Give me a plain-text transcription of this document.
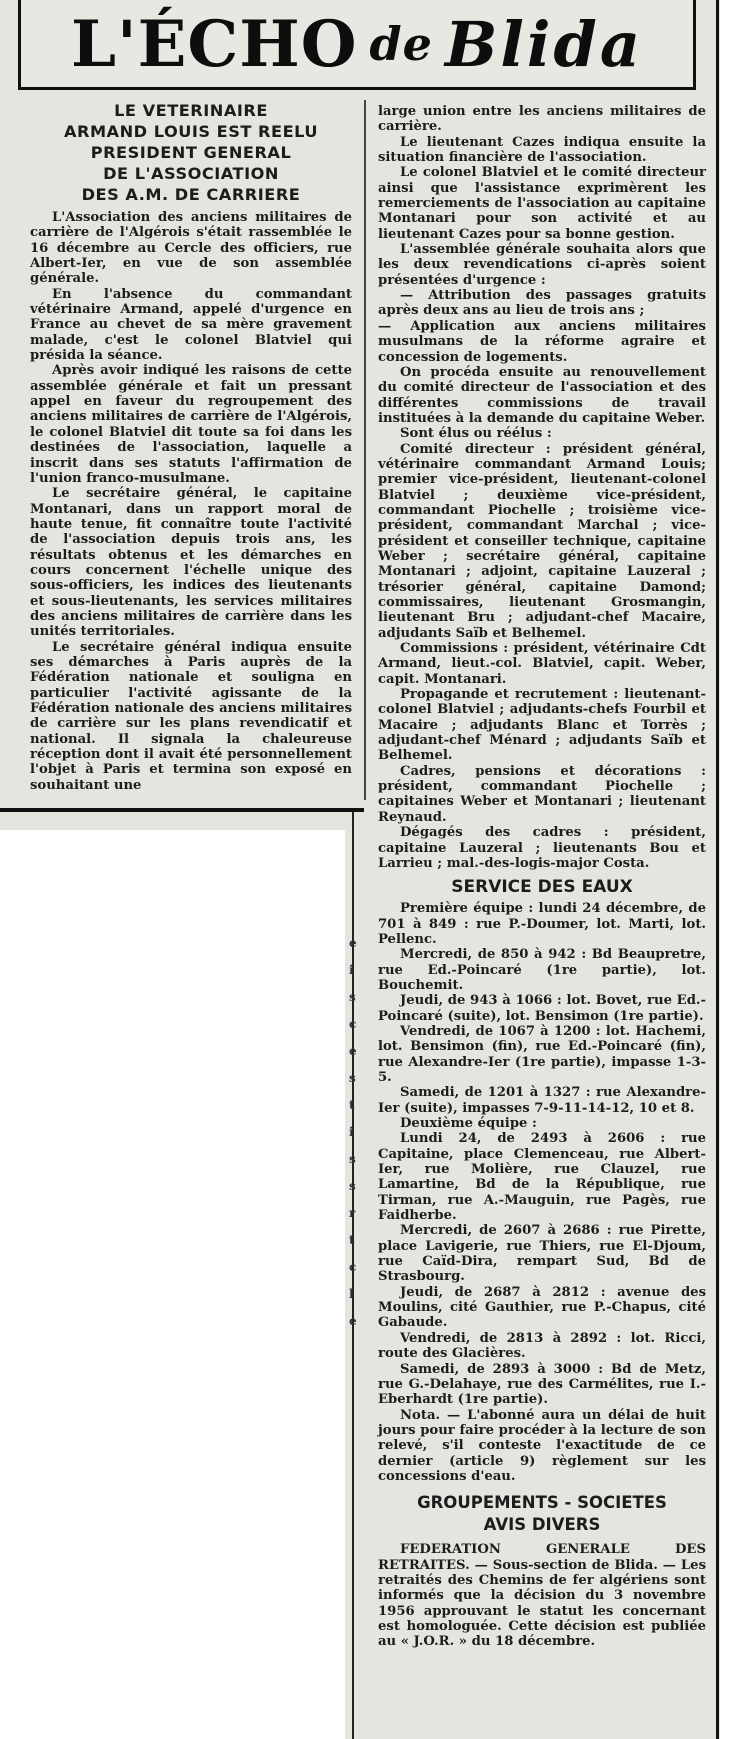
L'ÉCHO de Blida
e
i
s
c
e
s
t
i
s
s
r
t
c
l
e
LE VETERINAIRE
ARMAND LOUIS EST REELU
PRESIDENT GENERAL
DE L'ASSOCIATION
DES A.M. DE CARRIERE

L'Association des anciens militaires de carrière de l'Algérois s'était rassemblée le 16 décembre au Cercle des officiers, rue Albert-Ier, en vue de son assemblée générale.

En l'absence du commandant vétérinaire Armand, appelé d'urgence en France au chevet de sa mère gravement malade, c'est le colonel Blatviel qui présida la séance.

Après avoir indiqué les raisons de cette assemblée générale et fait un pressant appel en faveur du regroupement des anciens militaires de carrière de l'Algérois, le colonel Blatviel dit toute sa foi dans les destinées de l'association, laquelle a inscrit dans ses statuts l'affirmation de l'union franco-musulmane.

Le secrétaire général, le capitaine Montanari, dans un rapport moral de haute tenue, fit connaître toute l'activité de l'association depuis trois ans, les résultats obtenus et les démarches en cours concernent l'échelle unique des sous-officiers, les indices des lieutenants et sous-lieutenants, les services militaires des anciens militaires de carrière dans les unités territoriales.

Le secrétaire général indiqua ensuite ses démarches à Paris auprès de la Fédération nationale et souligna en particulier l'activité agissante de la Fédération nationale des anciens militaires de carrière sur les plans revendicatif et national. Il signala la chaleureuse réception dont il avait été personnellement l'objet à Paris et termina son exposé en souhaitant une

large union entre les anciens militaires de carrière.

Le lieutenant Cazes indiqua ensuite la situation financière de l'association.

Le colonel Blatviel et le comité directeur ainsi que l'assistance exprimèrent les remerciements de l'association au capitaine Montanari pour son activité et au lieutenant Cazes pour sa bonne gestion.

L'assemblée générale souhaita alors que les deux revendications ci-après soient présentées d'urgence :

— Attribution des passages gratuits après deux ans au lieu de trois ans ;

— Application aux anciens militaires musulmans de la réforme agraire et concession de logements.

On procéda ensuite au renouvellement du comité directeur de l'association et des différentes commissions de travail instituées à la demande du capitaine Weber.

Sont élus ou réélus :

Comité directeur : président général, vétérinaire commandant Armand Louis; premier vice-président, lieutenant-colonel Blatviel ; deuxième vice-président, commandant Piochelle ; troisième vice-président, commandant Marchal ; vice-président et conseiller technique, capitaine Weber ; secrétaire général, capitaine Montanari ; adjoint, capitaine Lauzeral ; trésorier général, capitaine Damond; commissaires, lieutenant Grosmangin, lieutenant Bru ; adjudant-chef Macaire, adjudants Saïb et Belhemel.

Commissions : président, vétérinaire Cdt Armand, lieut.-col. Blatviel, capit. Weber, capit. Montanari.

Propagande et recrutement : lieutenant-colonel Blatviel ; adjudants-chefs Fourbil et Macaire ; adjudants Blanc et Torrès ; adjudant-chef Ménard ; adjudants Saïb et Belhemel.

Cadres, pensions et décorations : président, commandant Piochelle ; capitaines Weber et Montanari ; lieutenant Reynaud.

Dégagés des cadres : président, capitaine Lauzeral ; lieutenants Bou et Larrieu ; mal.-des-logis-major Costa.

SERVICE DES EAUX

Première équipe : lundi 24 décembre, de 701 à 849 : rue P.-Doumer, lot. Marti, lot. Pellenc.

Mercredi, de 850 à 942 : Bd Beaupretre, rue Ed.-Poincaré (1re partie), lot. Bouchemit.

Jeudi, de 943 à 1066 : lot. Bovet, rue Ed.-Poincaré (suite), lot. Bensimon (1re partie).

Vendredi, de 1067 à 1200 : lot. Hachemi, lot. Bensimon (fin), rue Ed.-Poincaré (fin), rue Alexandre-Ier (1re partie), impasse 1-3-5.

Samedi, de 1201 à 1327 : rue Alexandre-Ier (suite), impasses 7-9-11-14-12, 10 et 8.

Deuxième équipe :

Lundi 24, de 2493 à 2606 : rue Capitaine, place Clemenceau, rue Albert-Ier, rue Molière, rue Clauzel, rue Lamartine, Bd de la République, rue Tirman, rue A.-Mauguin, rue Pagès, rue Faidherbe.

Mercredi, de 2607 à 2686 : rue Pirette, place Lavigerie, rue Thiers, rue El-Djoum, rue Caïd-Dira, rempart Sud, Bd de Strasbourg.

Jeudi, de 2687 à 2812 : avenue des Moulins, cité Gauthier, rue P.-Chapus, cité Gabaude.

Vendredi, de 2813 à 2892 : lot. Ricci, route des Glacières.

Samedi, de 2893 à 3000 : Bd de Metz, rue G.-Delahaye, rue des Carmélites, rue I.-Eberhardt (1re partie).

Nota. — L'abonné aura un délai de huit jours pour faire procéder à la lecture de son relevé, s'il conteste l'exactitude de ce dernier (article 9) règlement sur les concessions d'eau.

GROUPEMENTS - SOCIETES
AVIS DIVERS

FEDERATION GENERALE DES RETRAITES. — Sous-section de Blida. — Les retraités des Chemins de fer algériens sont informés que la décision du 3 novembre 1956 approuvant le statut les concernant est homologuée. Cette décision est publiée au « J.O.R. » du 18 décembre.
